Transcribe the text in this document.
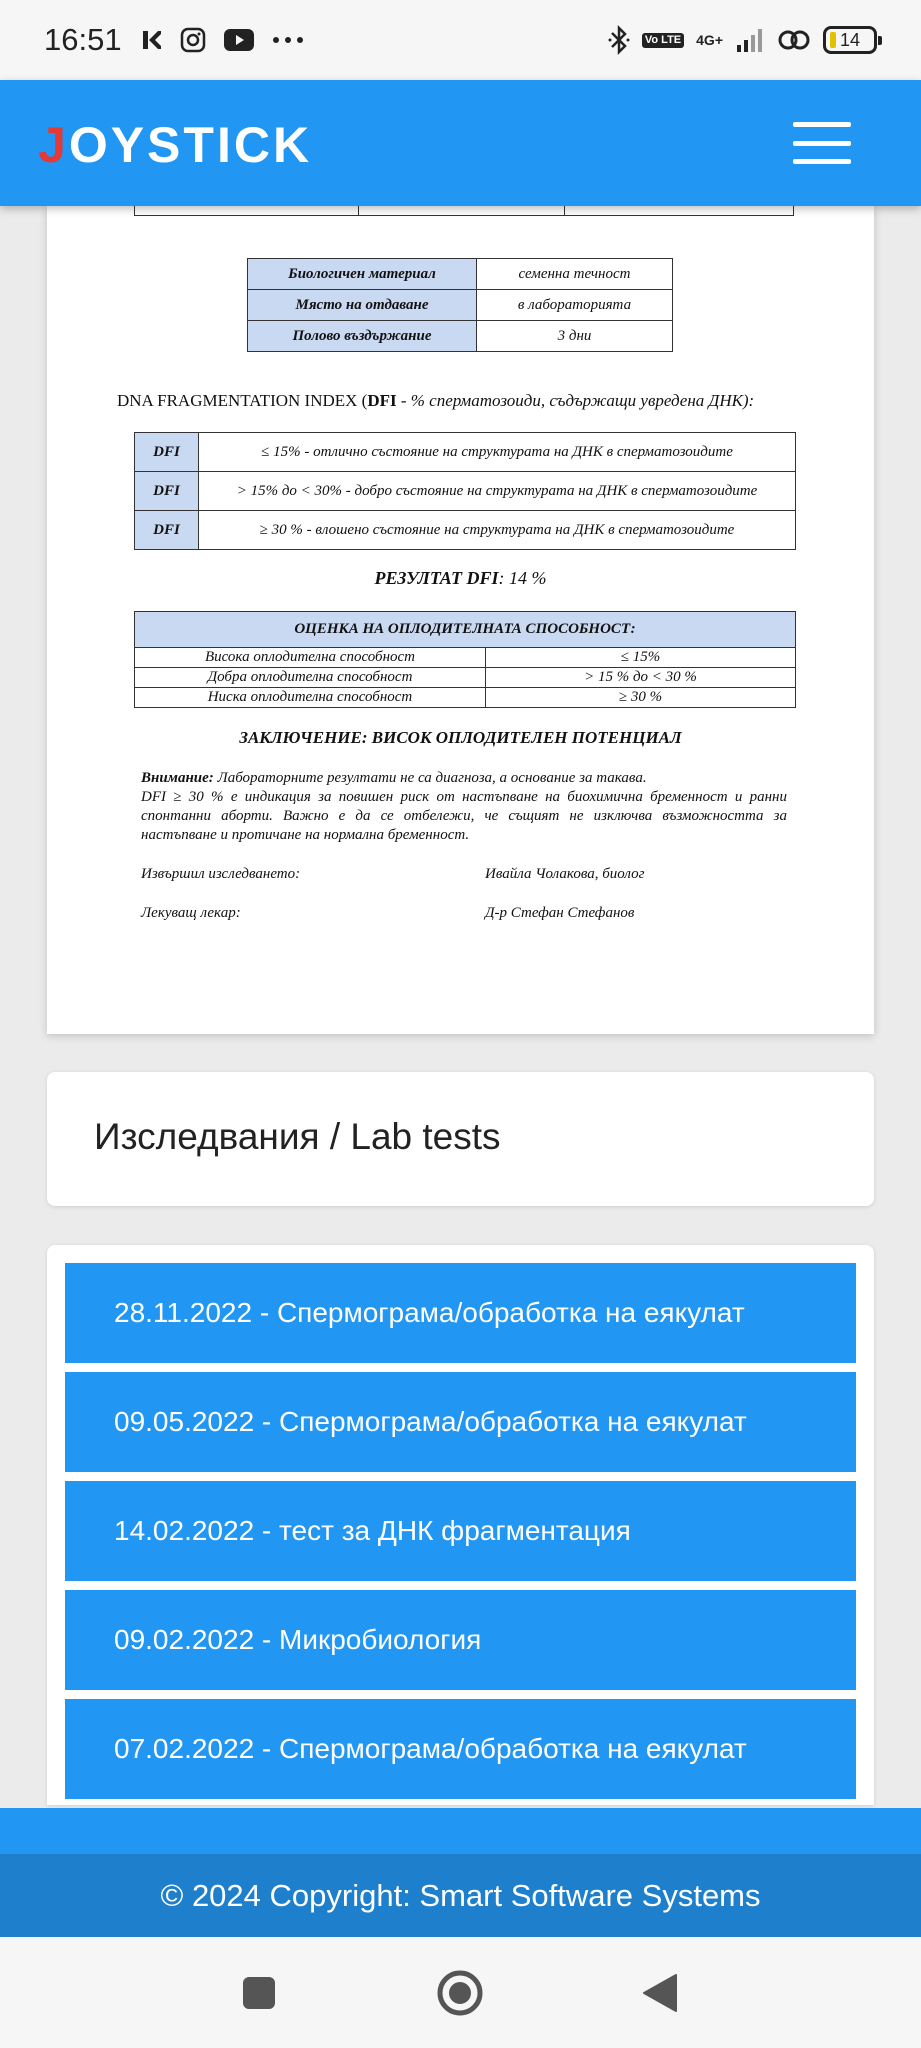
16:51	Vo LTE 4G+	14
JOYSTICK

Биологичен материал	семенна течност
Място на отдаване	в лабораторията
Полово въздържание	3 дни
DNA FRAGMENTATION INDEX (DFI - % сперматозоиди, съдържащи увредена ДНК):
DFI	≤ 15% - отлично състояние на структурата на ДНК в сперматозоидите
DFI	> 15% до < 30% - добро състояние на структурата на ДНК в сперматозоидите
DFI	≥ 30 % - влошено състояние на структурата на ДНК в сперматозоидите
РЕЗУЛТАТ DFI: 14 %
ОЦЕНКА НА ОПЛОДИТЕЛНАТА СПОСОБНОСТ:	
Висока оплодителна способност	≤ 15%
Добра оплодителна способност	> 15 % до < 30 %
Ниска оплодителна способност	≥ 30 %
ЗАКЛЮЧЕНИЕ: ВИСОК ОПЛОДИТЕЛЕН ПОТЕНЦИАЛ
Внимание: Лабораторните резултати не са диагноза, а основание за такава.
DFI ≥ 30 % е индикация за повишен риск от настъпване на биохимична бременност и ранни спонтанни аборти. Важно е да се отбележи, че същият не изключва възможността за настъпване и протичане на нормална бременност.
Извършил изследването:	Ивайла Чолакова, биолог
Лекуващ лекар:	Д-р Стефан Стефанов
Изследвания / Lab tests
28.11.2022 - Спермограма/обработка на еякулат
09.05.2022 - Спермограма/обработка на еякулат
14.02.2022 - тест за ДНК фрагментация
09.02.2022 - Микробиология
07.02.2022 - Спермограма/обработка на еякулат
© 2024 Copyright: Smart Software Systems
